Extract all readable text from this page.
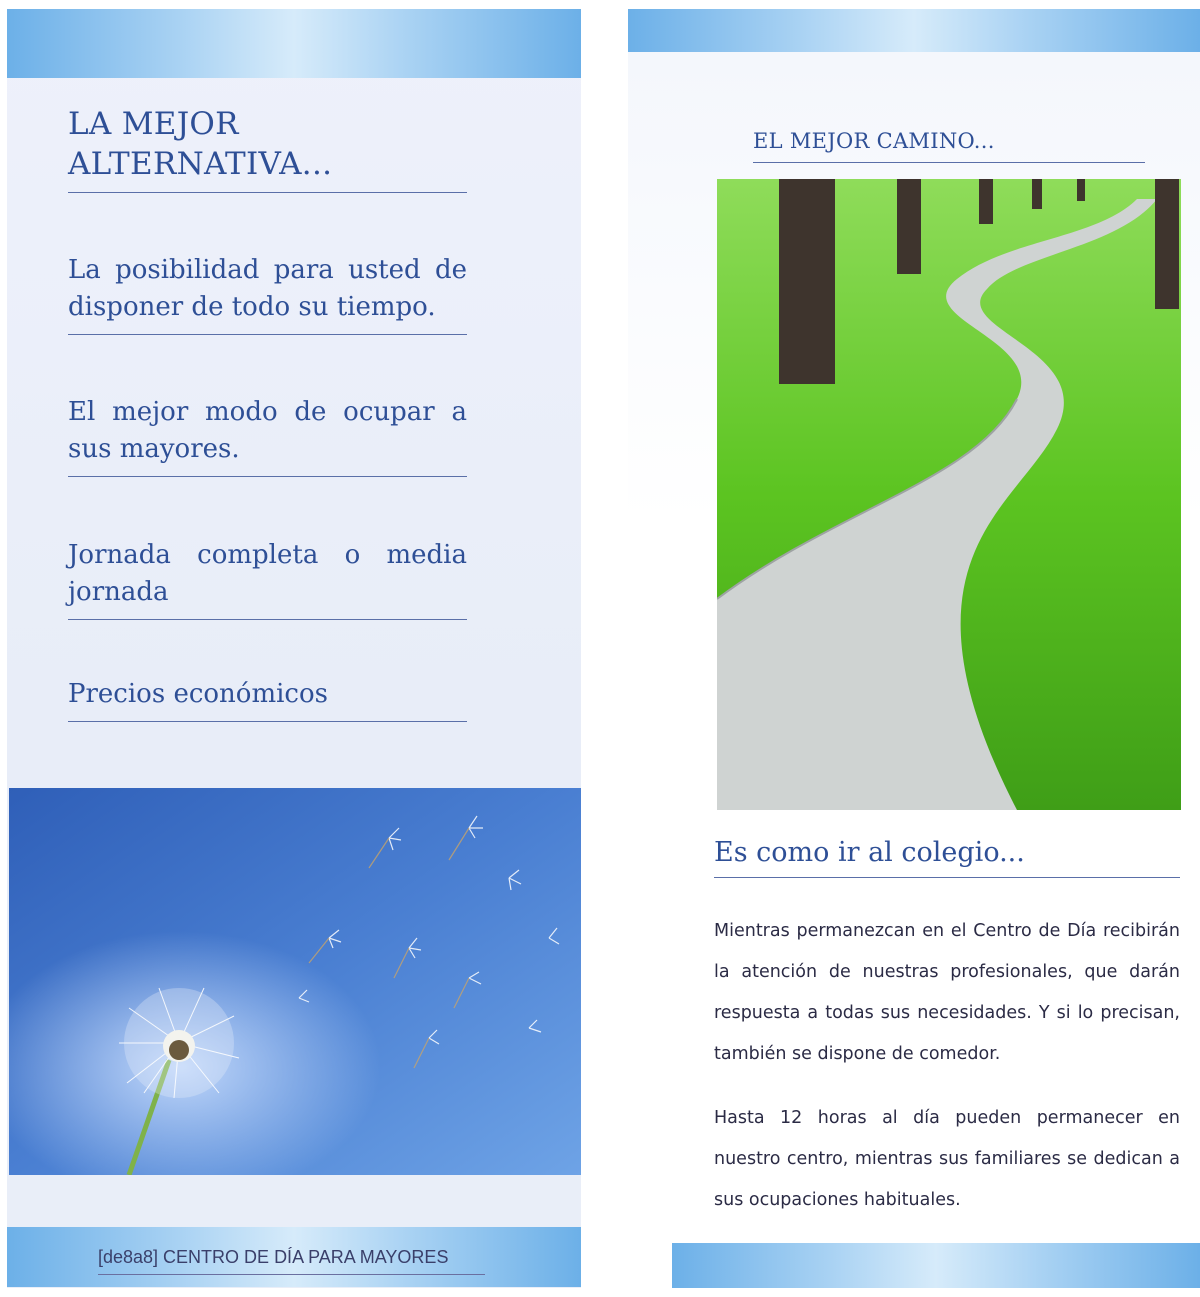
LA MEJOR ALTERNATIVA...
La posibilidad para usted de disponer de todo su tiempo.
El mejor modo de ocupar a sus mayores.
Jornada completa o media jornada
Precios económicos
[de8a8] CENTRO DE DÍA PARA MAYORES
EL MEJOR CAMINO...
Es como ir al colegio...

Mientras permanezcan en el Centro de Día recibirán la atención de nuestras profesionales, que darán respuesta a todas sus necesidades. Y si lo precisan, también se dispone de comedor.

Hasta 12 horas al día pueden permanecer en nuestro centro, mientras sus familiares se dedican a sus ocupaciones habituales.
